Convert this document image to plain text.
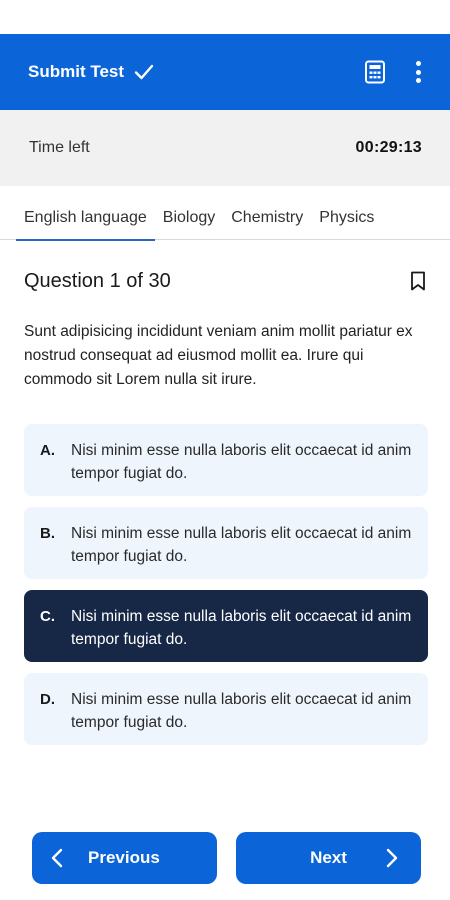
Submit Test
Time left	00:29:13
English language	Biology	Chemistry	Physics
Question 1 of 30

Sunt adipisicing incididunt veniam anim mollit pariatur ex nostrud consequat ad eiusmod mollit ea. Irure qui commodo sit Lorem nulla sit irure.

A.	Nisi minim esse nulla laboris elit occaecat id anim tempor fugiat do.
B.	Nisi minim esse nulla laboris elit occaecat id anim tempor fugiat do.
C.	Nisi minim esse nulla laboris elit occaecat id anim tempor fugiat do.
D.	Nisi minim esse nulla laboris elit occaecat id anim tempor fugiat do.
Previous	Next
